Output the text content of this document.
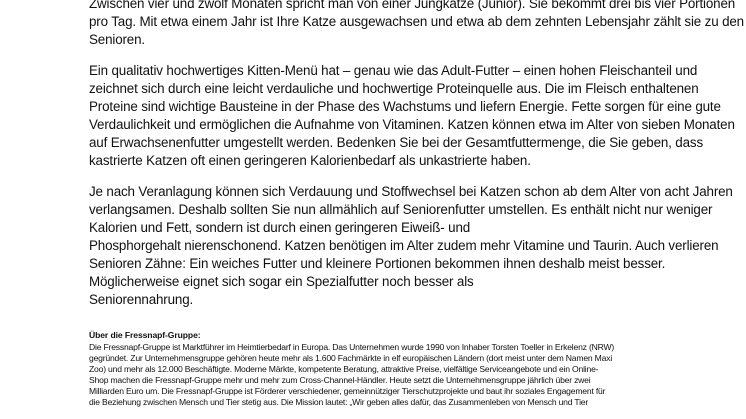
Zwischen vier und zwölf Monaten spricht man von einer Jungkatze (Junior). Sie bekommt drei bis vier Portionen
pro Tag. Mit etwa einem Jahr ist Ihre Katze ausgewachsen und etwa ab dem zehnten Lebensjahr zählt sie zu den
Senioren.
Ein qualitativ hochwertiges Kitten-Menü hat – genau wie das Adult-Futter – einen hohen Fleischanteil und
zeichnet sich durch eine leicht verdauliche und hochwertige Proteinquelle aus. Die im Fleisch enthaltenen
Proteine sind wichtige Bausteine in der Phase des Wachstums und liefern Energie. Fette sorgen für eine gute
Verdaulichkeit und ermöglichen die Aufnahme von Vitaminen. Katzen können etwa im Alter von sieben Monaten
auf Erwachsenenfutter umgestellt werden. Bedenken Sie bei der Gesamtfuttermenge, die Sie geben, dass
kastrierte Katzen oft einen geringeren Kalorienbedarf als unkastrierte haben.
Je nach Veranlagung können sich Verdauung und Stoffwechsel bei Katzen schon ab dem Alter von acht Jahren
verlangsamen. Deshalb sollten Sie nun allmählich auf Seniorenfutter umstellen. Es enthält nicht nur weniger
Kalorien und Fett, sondern ist durch einen geringeren Eiweiß- und
Phosphorgehalt nierenschonend. Katzen benötigen im Alter zudem mehr Vitamine und Taurin. Auch verlieren
Senioren Zähne: Ein weiches Futter und kleinere Portionen bekommen ihnen deshalb meist besser.
Möglicherweise eignet sich sogar ein Spezialfutter noch besser als
Seniorennahrung.
Über die Fressnapf-Gruppe:
Die Fressnapf-Gruppe ist Marktführer im Heimtierbedarf in Europa. Das Unternehmen wurde 1990 von Inhaber Torsten Toeller in Erkelenz (NRW)
gegründet. Zur Unternehmensgruppe gehören heute mehr als 1.600 Fachmärkte in elf europäischen Ländern (dort meist unter dem Namen Maxi
Zoo) und mehr als 12.000 Beschäftigte. Moderne Märkte, kompetente Beratung, attraktive Preise, vielfältige Serviceangebote und ein Online-
Shop machen die Fressnapf-Gruppe mehr und mehr zum Cross-Channel-Händler. Heute setzt die Unternehmensgruppe jährlich über zwei
Milliarden Euro um. Die Fressnapf-Gruppe ist Förderer verschiedener, gemeinnütziger Tierschutzprojekte und baut ihr soziales Engagement für
die Beziehung zwischen Mensch und Tier stetig aus. Die Mission lautet: „Wir geben alles dafür, das Zusammenleben von Mensch und Tier
